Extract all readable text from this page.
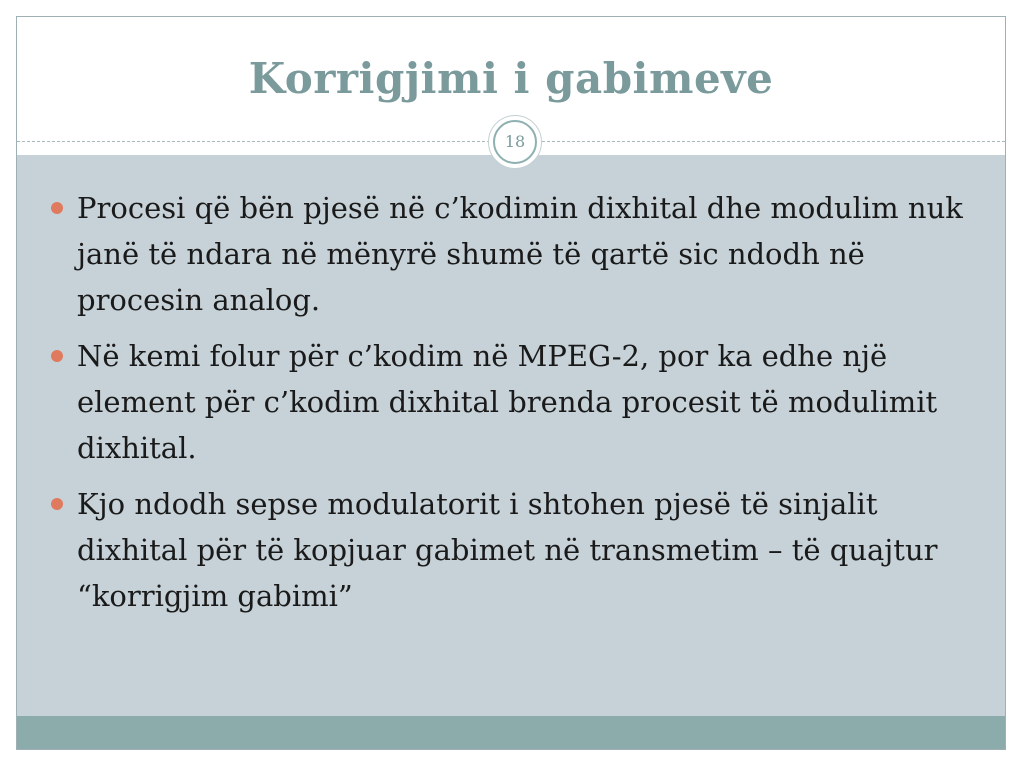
Korrigjimi i gabimeve
18
Procesi që bën pjesë në c’kodimin dixhital dhe modulim nuk janë të ndara në mënyrë shumë të qartë sic ndodh në procesin analog.
Në kemi folur për c’kodim në MPEG-2, por ka edhe një element për c’kodim dixhital brenda procesit të modulimit dixhital.
Kjo ndodh sepse modulatorit i shtohen pjesë të sinjalit dixhital për të kopjuar gabimet në transmetim – të quajtur “korrigjim gabimi”
